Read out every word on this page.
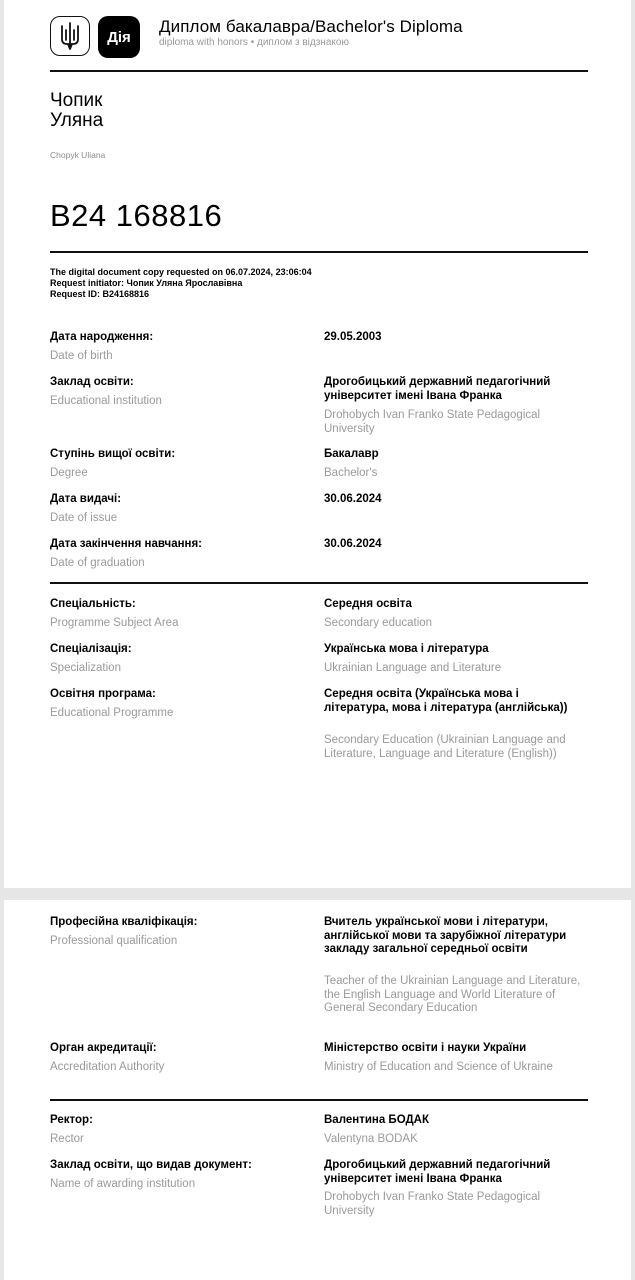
Дія
Диплом бакалавра/Bachelor's Diploma
diploma with honors • диплом з відзнакою
Чопик
Уляна
Chopyk Uliana
B24 168816
The digital document copy requested on 06.07.2024, 23:06:04
Request initiator: Чопик Уляна Ярославівна
Request ID: B24168816
Дата народження:
Date of birth
29.05.2003
Заклад освіти:
Educational institution
Дрогобицький державний педагогічний університет імені Івана Франка
Drohobych Ivan Franko State Pedagogical University
Ступінь вищої освіти:
Degree
Бакалавр
Bachelor's
Дата видачі:
Date of issue
30.06.2024
Дата закінчення навчання:
Date of graduation
30.06.2024
Спеціальність:
Programme Subject Area
Середня освіта
Secondary education
Спеціалізація:
Specialization
Українська мова і література
Ukrainian Language and Literature
Освітня програма:
Educational Programme
Середня освіта (Українська мова і література, мова і література (англійська))
Secondary Education (Ukrainian Language and Literature, Language and Literature (English))
Професійна кваліфікація:
Professional qualification
Вчитель української мови і літератури, англійської мови та зарубіжної літератури закладу загальної середньої освіти
Teacher of the Ukrainian Language and Literature, the English Language and World Literature of General Secondary Education
Орган акредитації:
Accreditation Authority
Міністерство освіти і науки України
Ministry of Education and Science of Ukraine
Ректор:
Rector
Валентина БОДАК
Valentyna BODAK
Заклад освіти, що видав документ:
Name of awarding institution
Дрогобицький державний педагогічний університет імені Івана Франка
Drohobych Ivan Franko State Pedagogical University
